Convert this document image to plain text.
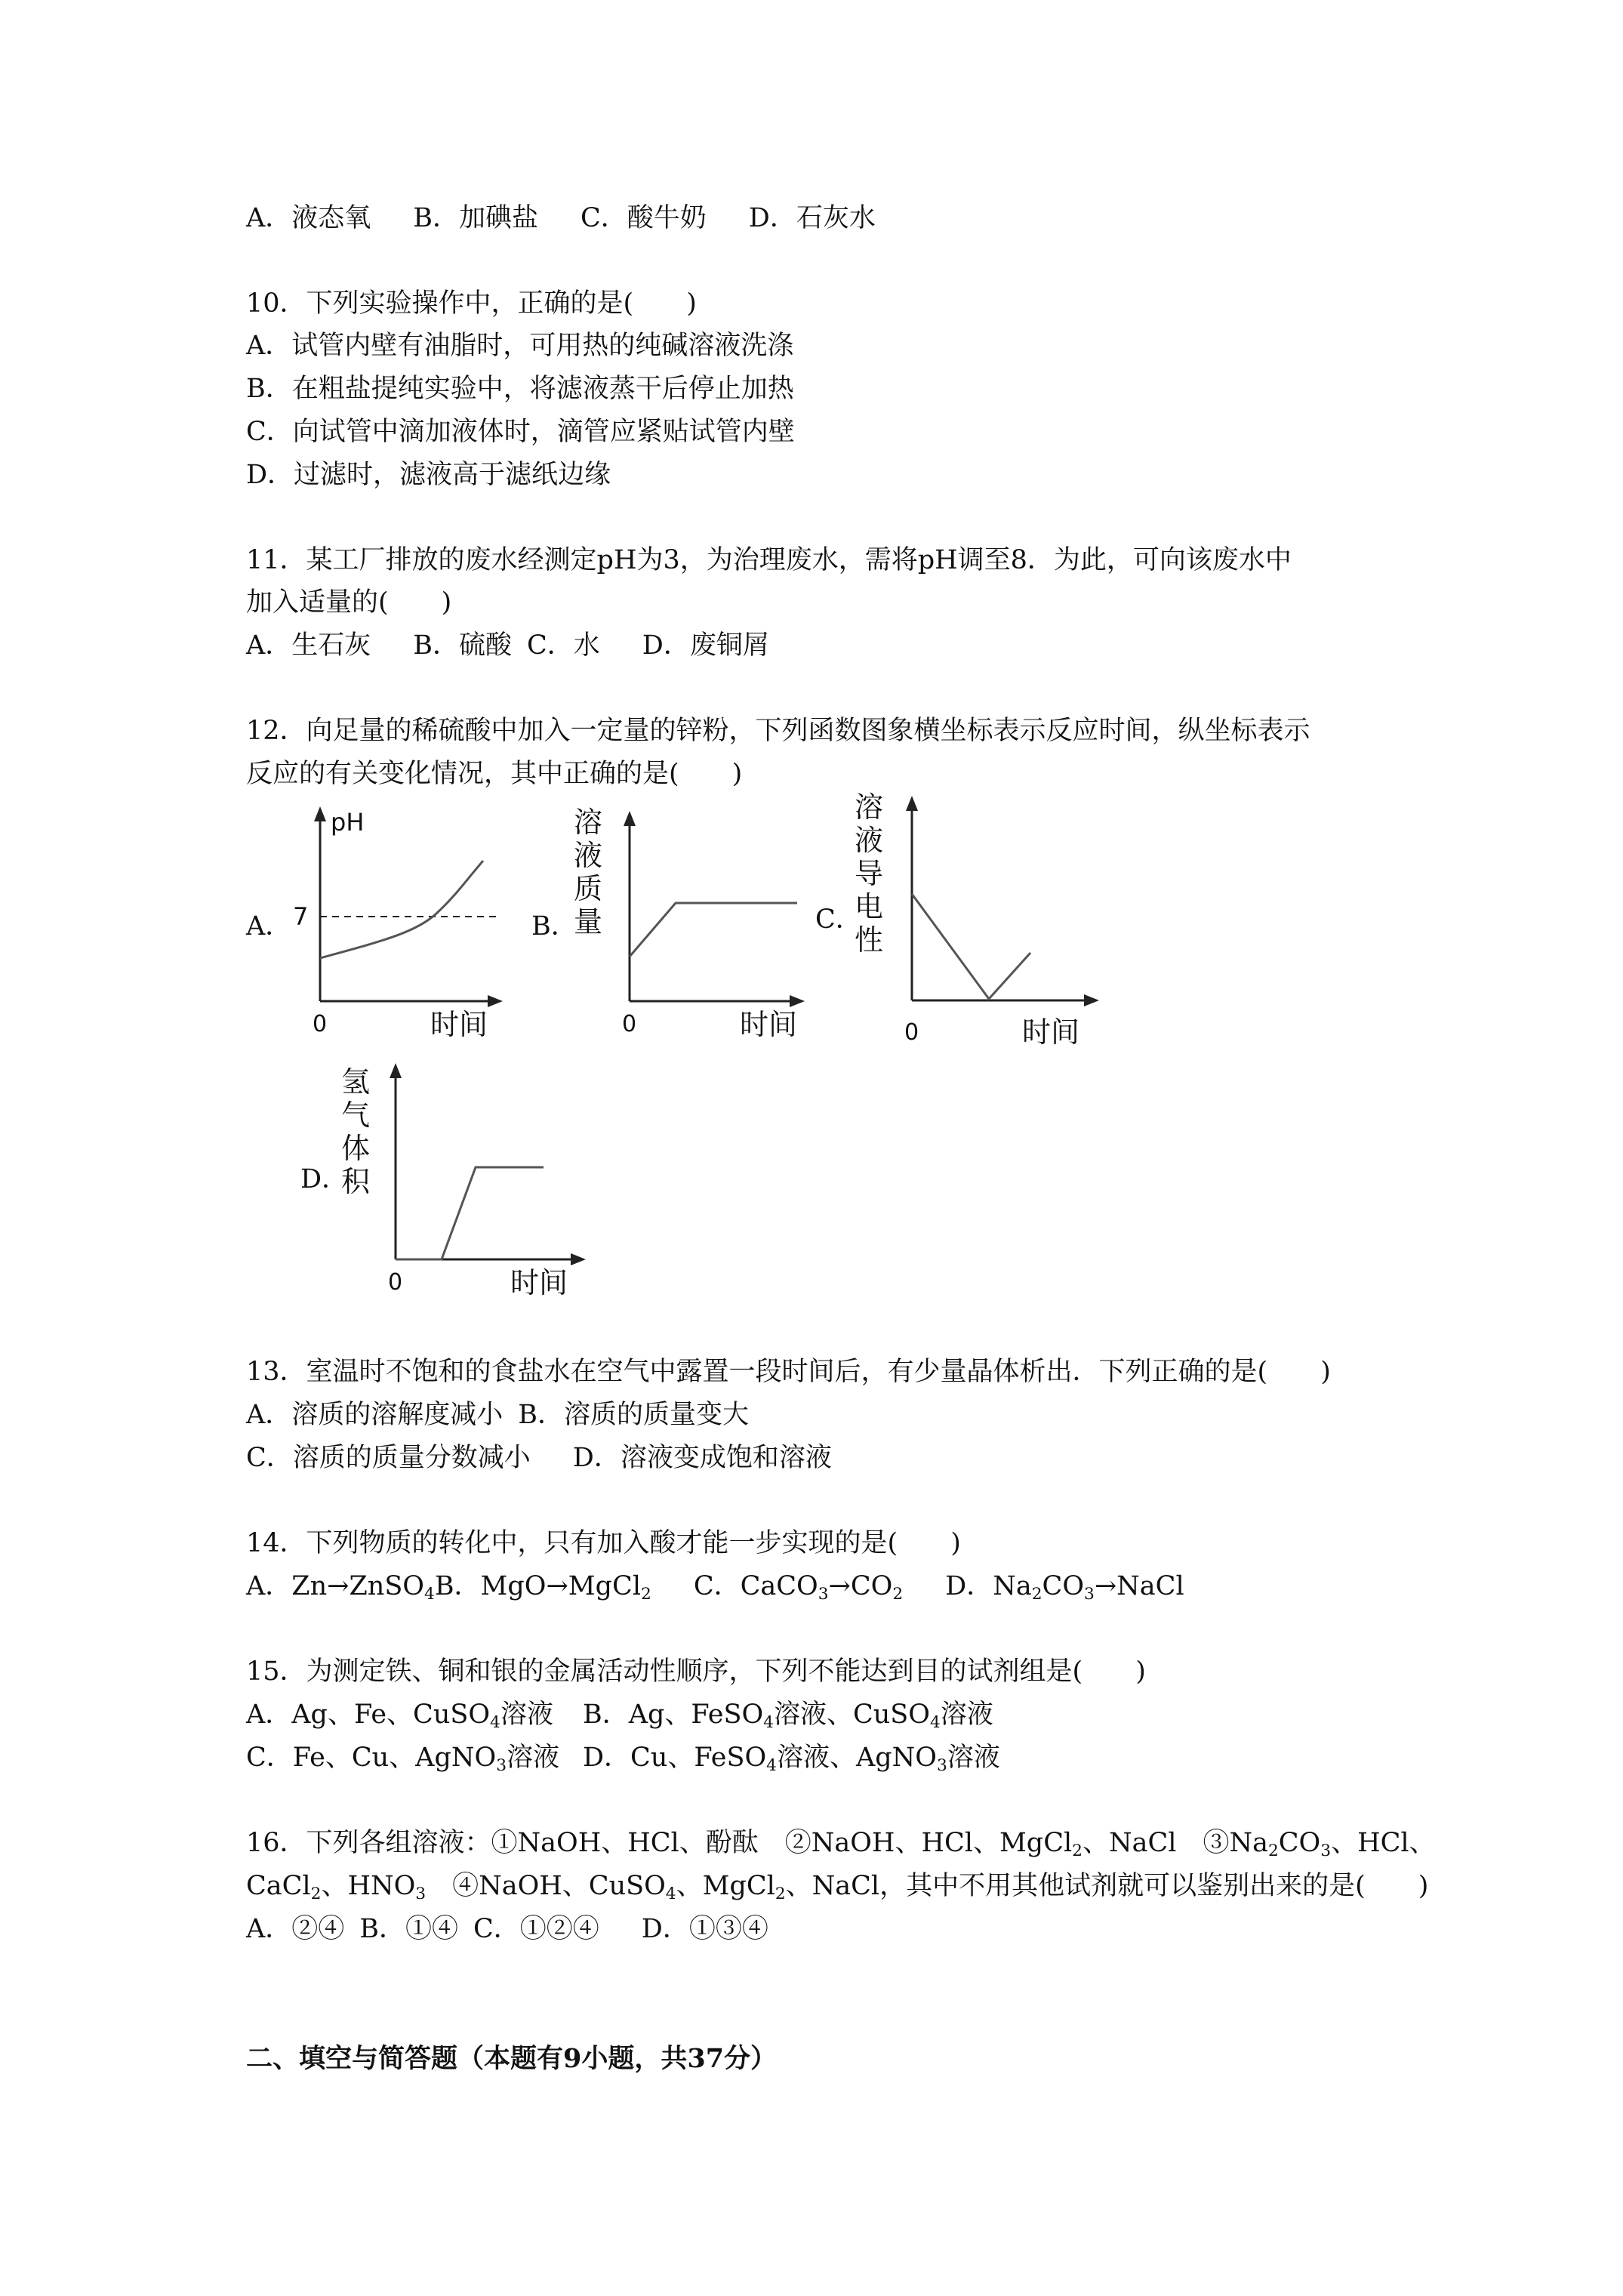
A．液态氧 B．加碘盐 C．酸牛奶 D．石灰水
10．下列实验操作中，正确的是(　　)
A．试管内壁有油脂时，可用热的纯碱溶液洗涤
B．在粗盐提纯实验中，将滤液蒸干后停止加热
C．向试管中滴加液体时，滴管应紧贴试管内壁
D．过滤时，滤液高于滤纸边缘
11．某工厂排放的废水经测定pH为3，为治理废水，需将pH调至8．为此，可向该废水中
加入适量的(　　)
A．生石灰 B．硫酸 C．水 D．废铜屑
12．向足量的稀硫酸中加入一定量的锌粉，下列函数图象横坐标表示反应时间，纵坐标表示
反应的有关变化情况，其中正确的是(　　)
A．
pH
7
0	时间
B．
溶
液
质
量
0	时间
C．
溶
液
导
电
性
0	时间
D．
氢
气
体
积
0	时间
13．室温时不饱和的食盐水在空气中露置一段时间后，有少量晶体析出．下列正确的是(　　)
A．溶质的溶解度减小 B．溶质的质量变大
C．溶质的质量分数减小 D．溶液变成饱和溶液
14．下列物质的转化中，只有加入酸才能一步实现的是(　　)
A．Zn→ZnSO$_4$B．MgO→MgCl$_2$ C．$CaCO_3\to CO_2$ D．$Na_2CO_3\to NaCl$
15．为测定铁、铜和银的金属活动性顺序，下列不能达到目的试剂组是(　　)
A．Ag、Fe、CuSO$_4$溶液 B．Ag、FeSO$_4$溶液、CuSO$_4$溶液
C．Fe、Cu、AgNO$_3$溶液 D．Cu、FeSO$_4$溶液、AgNO$_3$溶液
16．下列各组溶液：①NaOH、HCl、酚酞　②NaOH、HCl、MgCl$_2$、NaCl　$③Na_2CO_3$、HCl、
CaCl$_2$、$HNO_3$　④NaOH、CuSO$_4$、MgCl$_2$、NaCl，其中不用其他试剂就可以鉴别出来的是(　　)
A．②④ B．①④ C．①②④ D．①③④
二、填空与简答题（本题有9小题，共37分）
